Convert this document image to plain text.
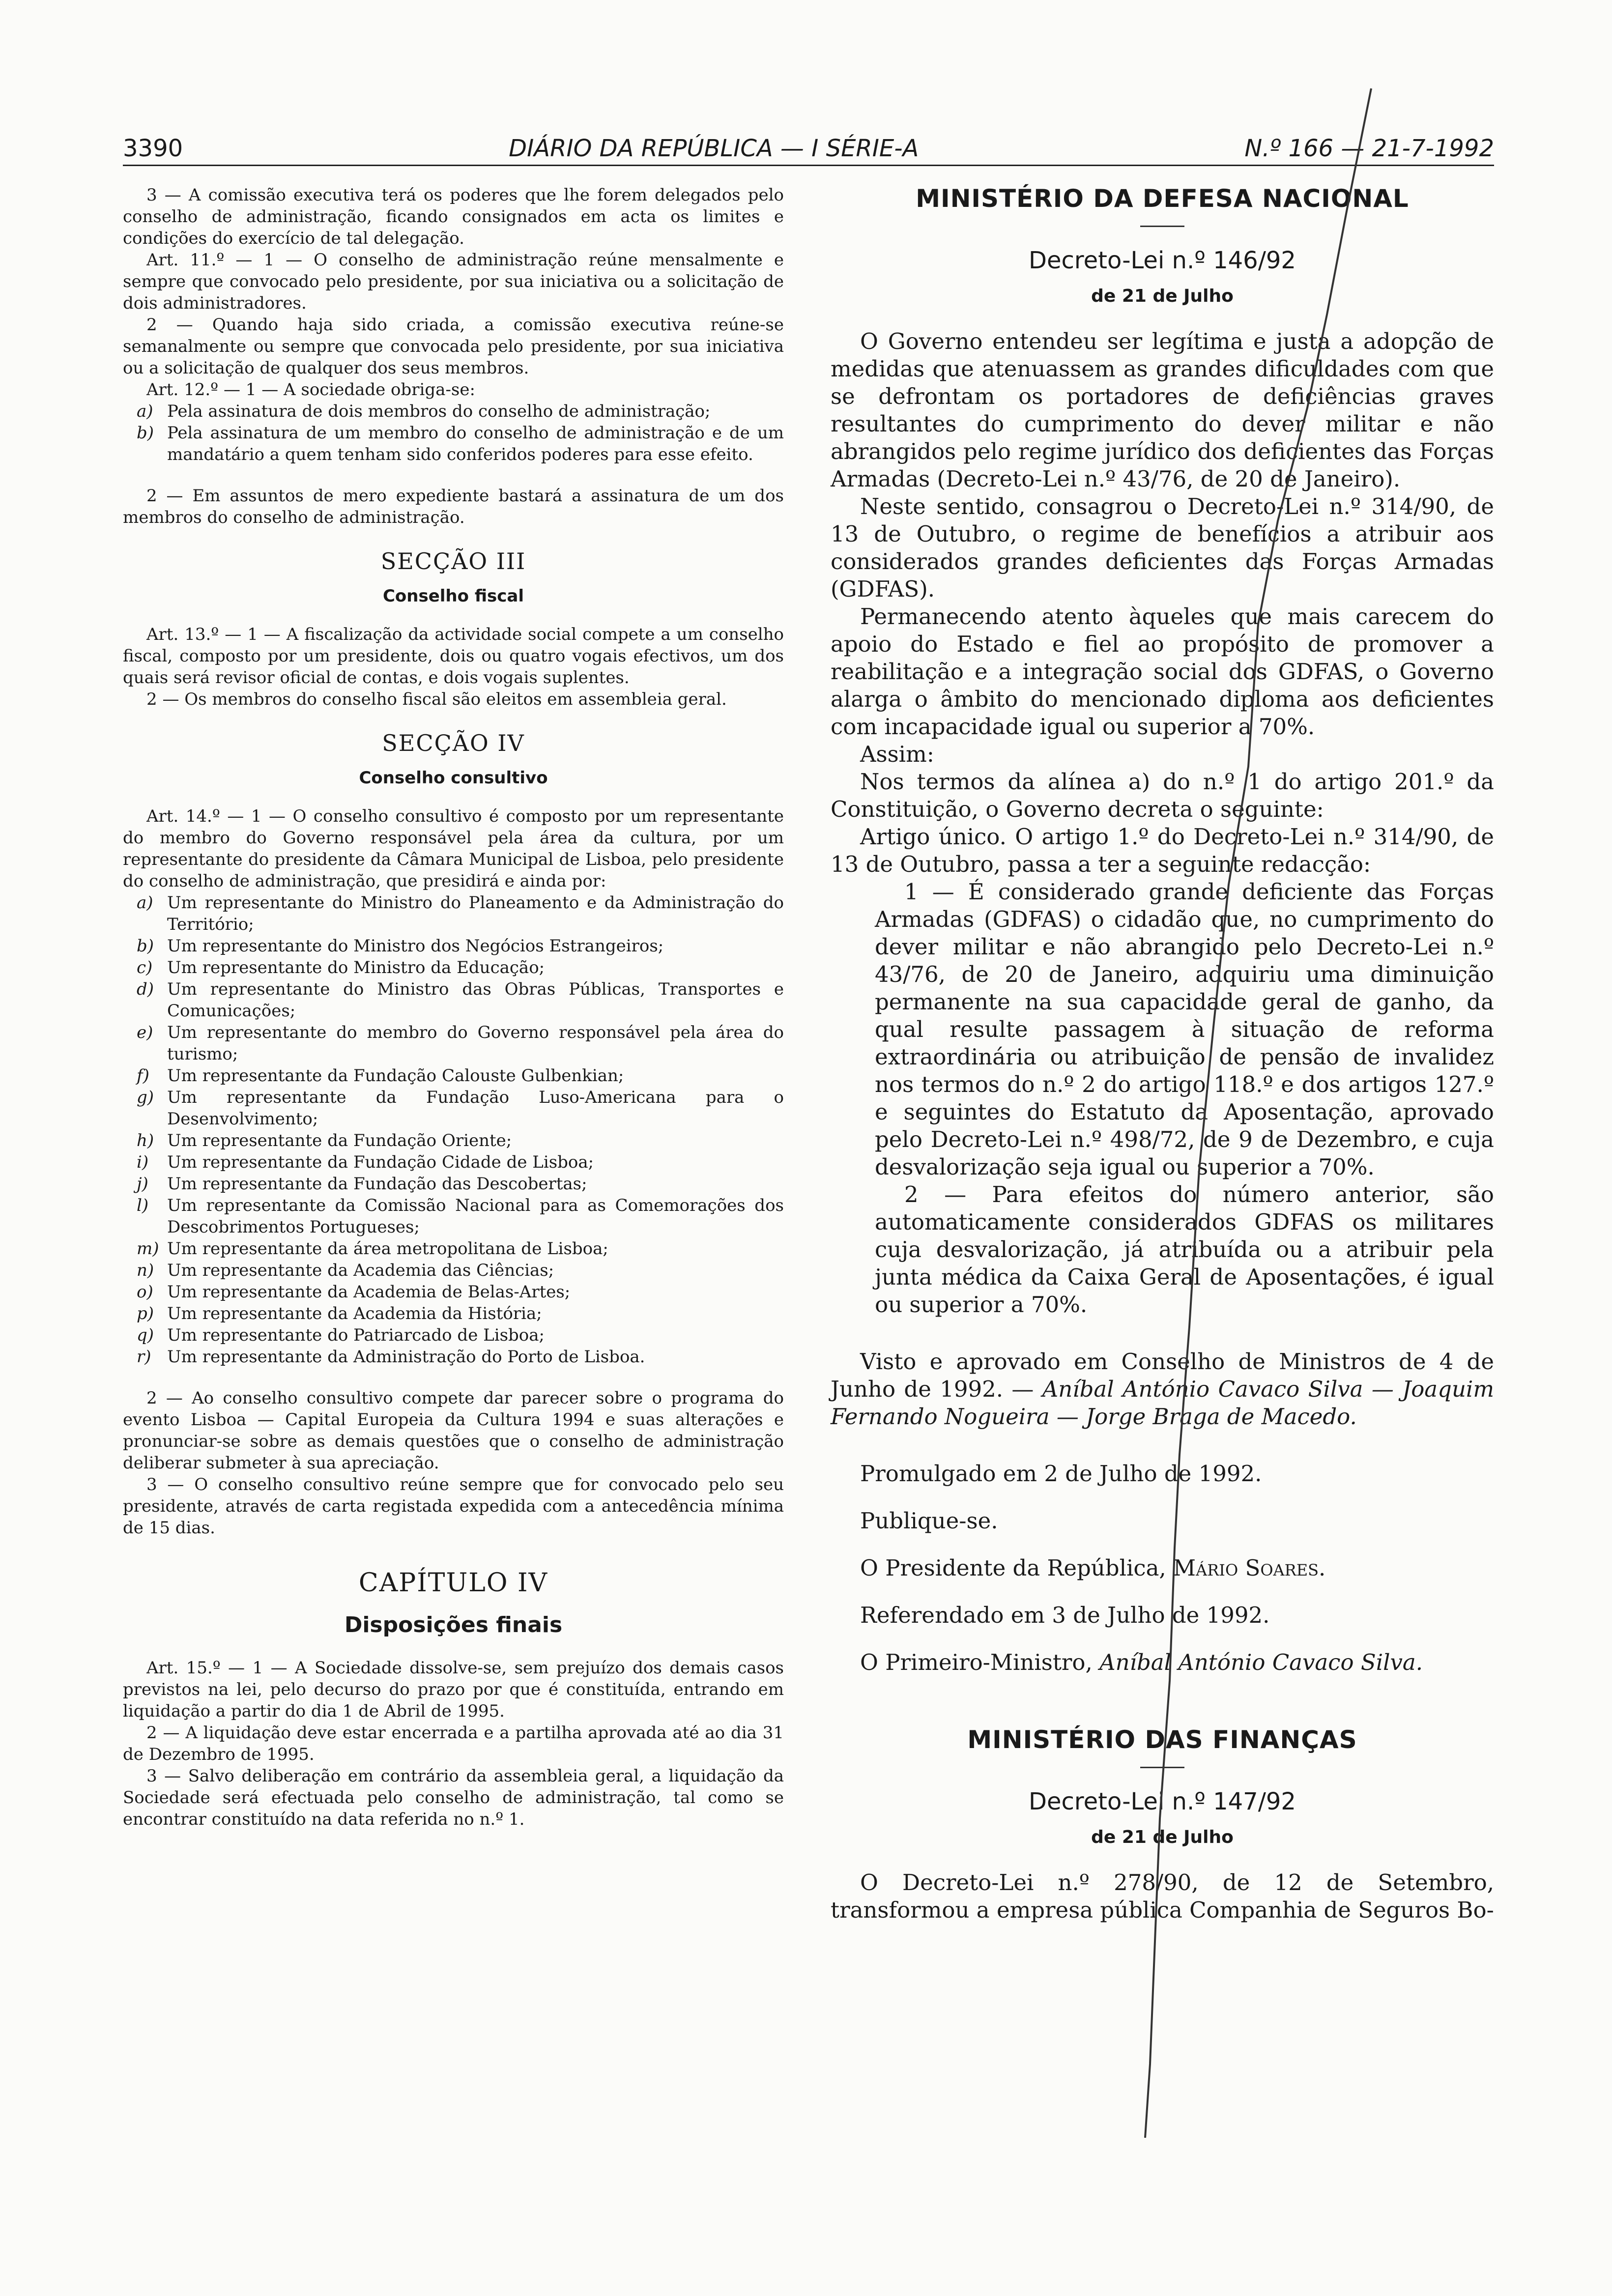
3390	DIÁRIO DA REPÚBLICA — I SÉRIE-A	N.º 166 — 21-7-1992

3 — A comissão executiva terá os poderes que lhe forem delegados pelo conselho de administração, ficando consignados em acta os limites e condições do exercício de tal delegação.

Art. 11.º — 1 — O conselho de administração reúne mensalmente e sempre que convocado pelo presidente, por sua iniciativa ou a solicitação de dois administradores.

2 — Quando haja sido criada, a comissão executiva reúne-se semanalmente ou sempre que convocada pelo presidente, por sua iniciativa ou a solicitação de qualquer dos seus membros.

Art. 12.º — 1 — A sociedade obriga-se:

a) Pela assinatura de dois membros do conselho de administração;
b) Pela assinatura de um membro do conselho de administração e de um mandatário a quem tenham sido conferidos poderes para esse efeito.

2 — Em assuntos de mero expediente bastará a assinatura de um dos membros do conselho de administração.

SECÇÃO III
Conselho fiscal

Art. 13.º — 1 — A fiscalização da actividade social compete a um conselho fiscal, composto por um presidente, dois ou quatro vogais efectivos, um dos quais será revisor oficial de contas, e dois vogais suplentes.

2 — Os membros do conselho fiscal são eleitos em assembleia geral.

SECÇÃO IV
Conselho consultivo

Art. 14.º — 1 — O conselho consultivo é composto por um representante do membro do Governo responsável pela área da cultura, por um representante do presidente da Câmara Municipal de Lisboa, pelo presidente do conselho de administração, que presidirá e ainda por:

a) Um representante do Ministro do Planeamento e da Administração do Território;
b) Um representante do Ministro dos Negócios Estrangeiros;
c) Um representante do Ministro da Educação;
d) Um representante do Ministro das Obras Públicas, Transportes e Comunicações;
e) Um representante do membro do Governo responsável pela área do turismo;
f) Um representante da Fundação Calouste Gulbenkian;
g) Um representante da Fundação Luso-Americana para o Desenvolvimento;
h) Um representante da Fundação Oriente;
i) Um representante da Fundação Cidade de Lisboa;
j) Um representante da Fundação das Descobertas;
l) Um representante da Comissão Nacional para as Comemorações dos Descobrimentos Portugueses;
m) Um representante da área metropolitana de Lisboa;
n) Um representante da Academia das Ciências;
o) Um representante da Academia de Belas-Artes;
p) Um representante da Academia da História;
q) Um representante do Patriarcado de Lisboa;
r) Um representante da Administração do Porto de Lisboa.

2 — Ao conselho consultivo compete dar parecer sobre o programa do evento Lisboa — Capital Europeia da Cultura 1994 e suas alterações e pronunciar-se sobre as demais questões que o conselho de administração deliberar submeter à sua apreciação.

3 — O conselho consultivo reúne sempre que for convocado pelo seu presidente, através de carta registada expedida com a antecedência mínima de 15 dias.

CAPÍTULO IV
Disposições finais

Art. 15.º — 1 — A Sociedade dissolve-se, sem prejuízo dos demais casos previstos na lei, pelo decurso do prazo por que é constituída, entrando em liquidação a partir do dia 1 de Abril de 1995.

2 — A liquidação deve estar encerrada e a partilha aprovada até ao dia 31 de Dezembro de 1995.

3 — Salvo deliberação em contrário da assembleia geral, a liquidação da Sociedade será efectuada pelo conselho de administração, tal como se encontrar constituído na data referida no n.º 1.

MINISTÉRIO DA DEFESA NACIONAL
Decreto-Lei n.º 146/92
de 21 de Julho

O Governo entendeu ser legítima e justa a adopção de medidas que atenuassem as grandes dificuldades com que se defrontam os portadores de deficiências graves resultantes do cumprimento do dever militar e não abrangidos pelo regime jurídico dos deficientes das Forças Armadas (Decreto-Lei n.º 43/76, de 20 de Janeiro).

Neste sentido, consagrou o Decreto-Lei n.º 314/90, de 13 de Outubro, o regime de benefícios a atribuir aos considerados grandes deficientes das Forças Armadas (GDFAS).

Permanecendo atento àqueles que mais carecem do apoio do Estado e fiel ao propósito de promover a reabilitação e a integração social dos GDFAS, o Governo alarga o âmbito do mencionado diploma aos deficientes com incapacidade igual ou superior a 70%.

Assim:

Nos termos da alínea a) do n.º 1 do artigo 201.º da Constituição, o Governo decreta o seguinte:

Artigo único. O artigo 1.º do Decreto-Lei n.º 314/90, de 13 de Outubro, passa a ter a seguinte redacção:

1 — É considerado grande deficiente das Forças Armadas (GDFAS) o cidadão que, no cumprimento do dever militar e não abrangido pelo Decreto-Lei n.º 43/76, de 20 de Janeiro, adquiriu uma diminuição permanente na sua capacidade geral de ganho, da qual resulte passagem à situação de reforma extraordinária ou atribuição de pensão de invalidez nos termos do n.º 2 do artigo 118.º e dos artigos 127.º e seguintes do Estatuto da Aposentação, aprovado pelo Decreto-Lei n.º 498/72, de 9 de Dezembro, e cuja desvalorização seja igual ou superior a 70%.

2 — Para efeitos do número anterior, são automaticamente considerados GDFAS os militares cuja desvalorização, já atribuída ou a atribuir pela junta médica da Caixa Geral de Aposentações, é igual ou superior a 70%.

Visto e aprovado em Conselho de Ministros de 4 de Junho de 1992. — Aníbal António Cavaco Silva — Joaquim Fernando Nogueira — Jorge Braga de Macedo.

Promulgado em 2 de Julho de 1992.
Publique-se.
O Presidente da República, Mário Soares.
Referendado em 3 de Julho de 1992.
O Primeiro-Ministro, Aníbal António Cavaco Silva.
MINISTÉRIO DAS FINANÇAS
Decreto-Lei n.º 147/92
de 21 de Julho

O Decreto-Lei n.º 278/90, de 12 de Setembro, transformou a empresa pública Companhia de Seguros Bo-
